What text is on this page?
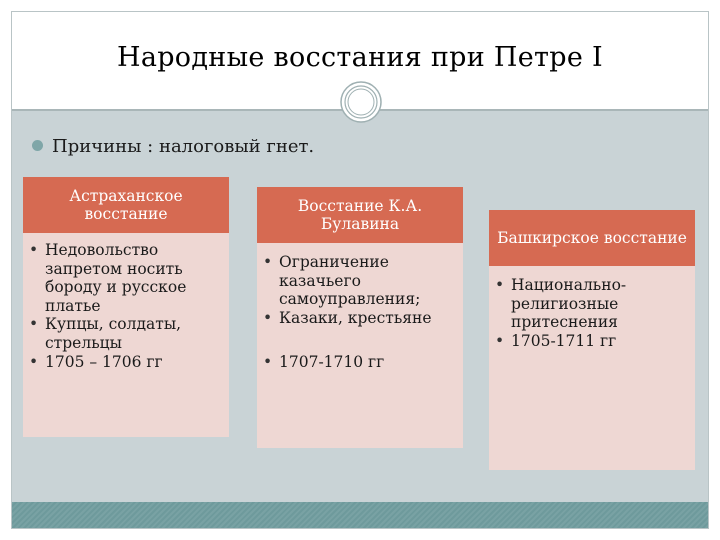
Народные восстания при Петре I
Причины : налоговый гнет.
Астраханское восстание
• Недовольство запретом носить бороду и русское платье
• Купцы, солдаты, стрельцы
• 1705 – 1706 гг
Восстание К.А. Булавина
• Ограничение казачьего самоуправления;
• Казаки, крестьяне
• 1707-1710 гг
Башкирское восстание
• Национально-религиозные притеснения
• 1705-1711 гг
